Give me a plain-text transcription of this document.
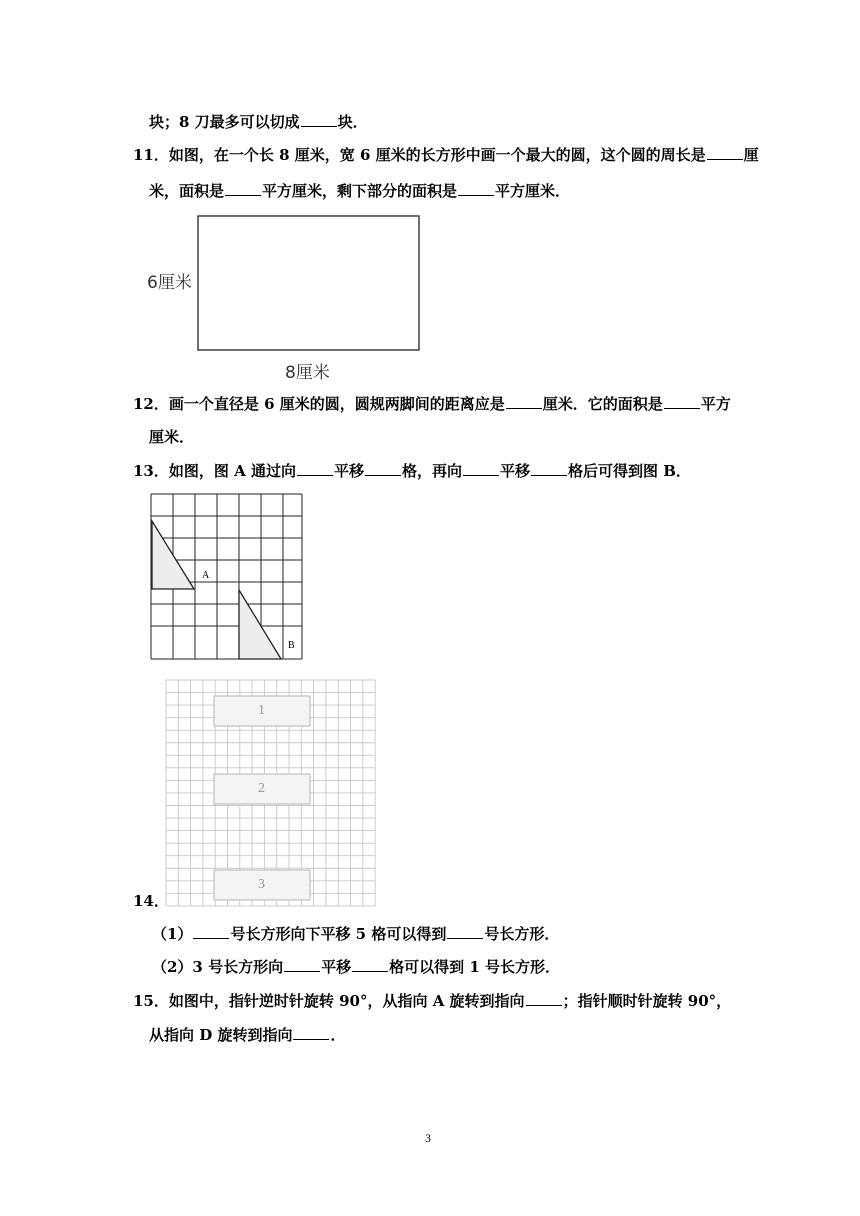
块；8 刀最多可以切成	块．
11．如图，在一个长 8 厘米，宽 6 厘米的长方形中画一个最大的圆，这个圆的周长是	厘
米，面积是	平方厘米，剩下部分的面积是	平方厘米．
6厘米
8厘米
12．画一个直径是 6 厘米的圆，圆规两脚间的距离应是	厘米．它的面积是	平方
厘米．
13．如图，图 A 通过向	平移	格，再向	平移	格后可得到图 B．
A
B
1
2
3
14．
（1）	号长方形向下平移 5 格可以得到	号长方形．
（2）3 号长方形向	平移	格可以得到 1 号长方形．
15．如图中，指针逆时针旋转 90°，从指向 A 旋转到指向	；指针顺时针旋转 90°，
从指向 D 旋转到指向	．
3
